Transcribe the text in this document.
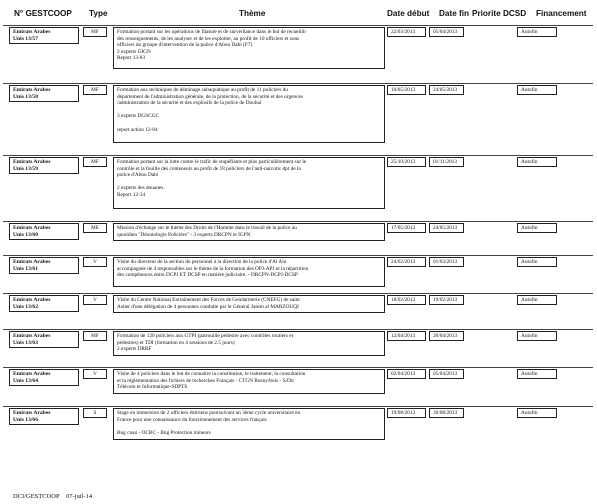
N° GESTCOOP Type	Thème	Date début Date fin Priorite DCSD Financement
Emirats Arabes
Unis 13/57
MF	Formation portant sur les opérations de filature et de surveillance dans le but de recueillir
des renseignements, de les analyser et de les exploiter, au profit de 10 officiers et sous
officiers du groupe d'intervention de la police d'Abou Dabi (F7)
2 experts GIGN
Report 13-03
22/03/2013	05/04/2013	Autofin
Emirats Arabes
Unis 13/58
MF	Formation aux techniques de déminage subaquatique au profit de 11 policiers du
département de l'administration générale, de la protection, de la sécurité et des urgences
/administration de la sécurité et des explosifs de la police de Doubaï
3 experts DGSCGC
report action 12-84
10/05/2013	24/05/2013	Autofin
Emirats Arabes
Unis 13/59
MF	Formation portant sur la lutte contre le trafic de stupéfiants et plus particulièrement sur le
contrôle et la fouille des conteneurs au profit de 18 policiers de l'anti-narcotic dpt de la
police d'Abou Dabi
2 experts des douanes.
Report 12-34
25/10/2013	01/11/2013	Autofin
Emirats Arabes
Unis 13/60
ME	Mission d'échange sur le thème des Droits de l'Homme dans le travail de la police au
quotidien "Déontologie Policière" - 3 experts DRCPN et IGPN
17/05/2013	24/05/2013	Autofin
Emirats Arabes
Unis 13/61
V	Visite du directeur de la section du personnel à la direction de la police d'Al Ain
accompagnée de 4 responsables sur le thème de la formation des OPJ-APJ et la répartition
des compétences entre DCPJ ET DCSP en matière judiciaire. - DRCPN-DCPJ-DCSP
24/02/2013	01/03/2013	Autofin
Emirats Arabes
Unis 13/62
V	Visite du Centre National Entraînement des Forces de Gendarmerie (CNEFG) de saint
Astier d'une délégation de 4 personnes conduite par le Général Jasem al MARZOUQI
18/02/2013	19/02/2013	Autofin
Emirats Arabes
Unis 13/63
MF	Formation de 120 policiers aux GTPI (patrouille pédestre avec contrôles routiers et
pédestres) et TDI (formation en 4 sessions de 2.5 jours)
2 experts DRRF
12/04/2013	26/04/2013	Autofin
Emirats Arabes
Unis 13/64
V	Visite de 4 policiers dans le but de connaître la constitution, le traitement, la consultation
et la réglementation des fichiers de recherches Français - CTGN Rosny/bois - S/Dir
Télécom et Informatique-SDPTS
02/04/2013	05/04/2013	Autofin
Emirats Arabes
Unis 13/66
S	Stage en immersion de 2 officiers émiriens poursuivant un 3ème cycle universitaire en
France pour une connaissance du fonctionnement des services français
Bng cnau - OCBC - Bng Protection mineurs
19/08/2013	30/08/2013	Autofin
DCI/GESTCOOP 07-juil-14
